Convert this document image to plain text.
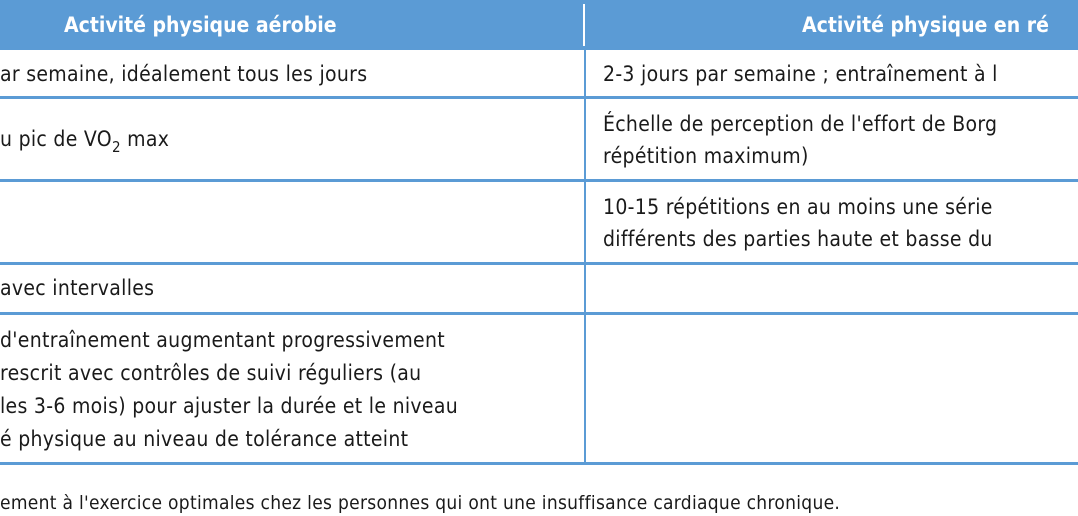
Activité physique aérobie	Activité physique en ré
ar semaine, idéalement tous les jours	2-3 jours par semaine ; entraînement à l
u pic de $VO_2$ max
Échelle de perception de l'effort de Borg
répétition maximum)
10-15 répétitions en au moins une série
différents des parties haute et basse du
avec intervalles
d'entraînement augmentant progressivement
rescrit avec contrôles de suivi réguliers (au
les 3-6 mois) pour ajuster la durée et le niveau
é physique au niveau de tolérance atteint
ement à l'exercice optimales chez les personnes qui ont une insuffisance cardiaque chronique.
